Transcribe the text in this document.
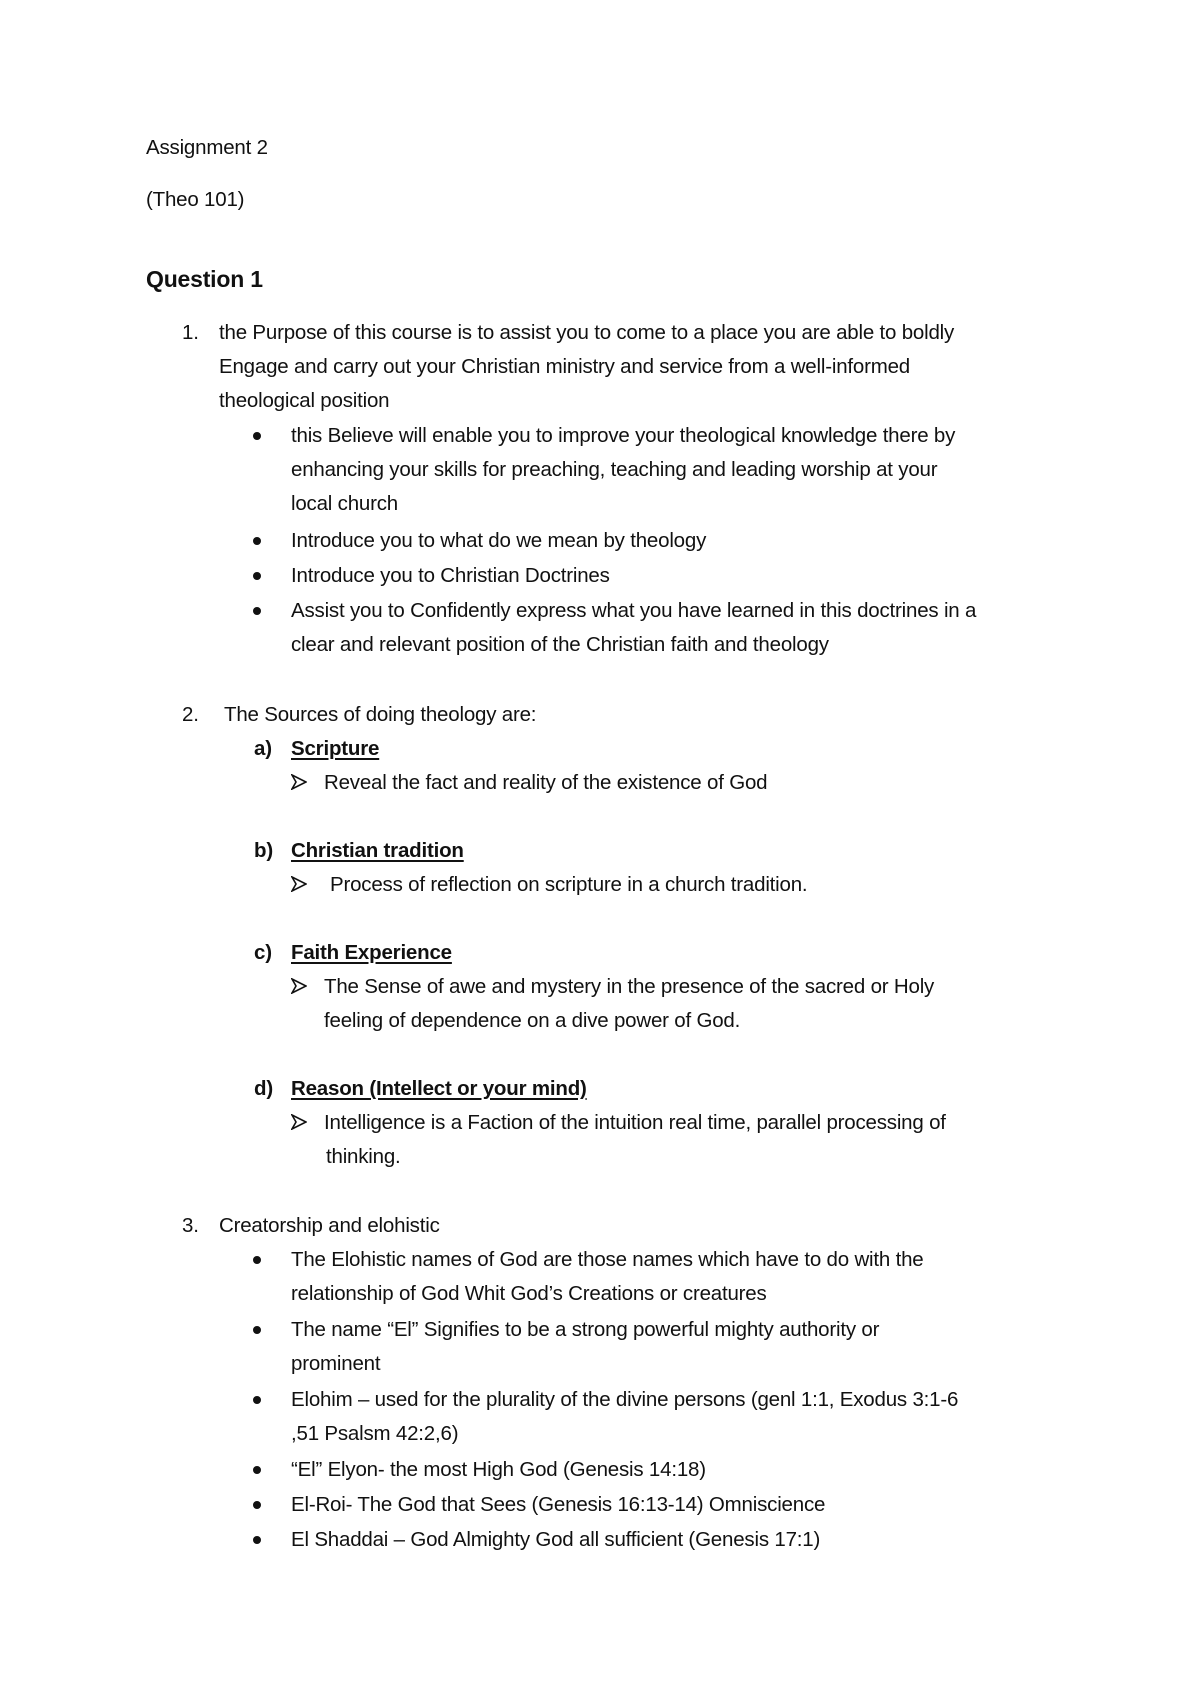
Assignment 2
(Theo 101)
Question 1
1. the Purpose of this course is to assist you to come to a place you are able to boldly
Engage and carry out your Christian ministry and service from a well-informed
theological position
this Believe will enable you to improve your theological knowledge there by
enhancing your skills for preaching, teaching and leading worship at your
local church
Introduce you to what do we mean by theology
Introduce you to Christian Doctrines
Assist you to Confidently express what you have learned in this doctrines in a
clear and relevant position of the Christian faith and theology
2. The Sources of doing theology are:
a) Scripture
Reveal the fact and reality of the existence of God
b) Christian tradition
Process of reflection on scripture in a church tradition.
c) Faith Experience
The Sense of awe and mystery in the presence of the sacred or Holy
feeling of dependence on a dive power of God.
d) Reason (Intellect or your mind)
Intelligence is a Faction of the intuition real time, parallel processing of
thinking.
3. Creatorship and elohistic
The Elohistic names of God are those names which have to do with the
relationship of God Whit God’s Creations or creatures
The name “El” Signifies to be a strong powerful mighty authority or
prominent
Elohim – used for the plurality of the divine persons (genl 1:1, Exodus 3:1-6
,51 Psalsm 42:2,6)
“El” Elyon- the most High God (Genesis 14:18)
El-Roi- The God that Sees (Genesis 16:13-14) Omniscience
El Shaddai – God Almighty God all sufficient (Genesis 17:1)
